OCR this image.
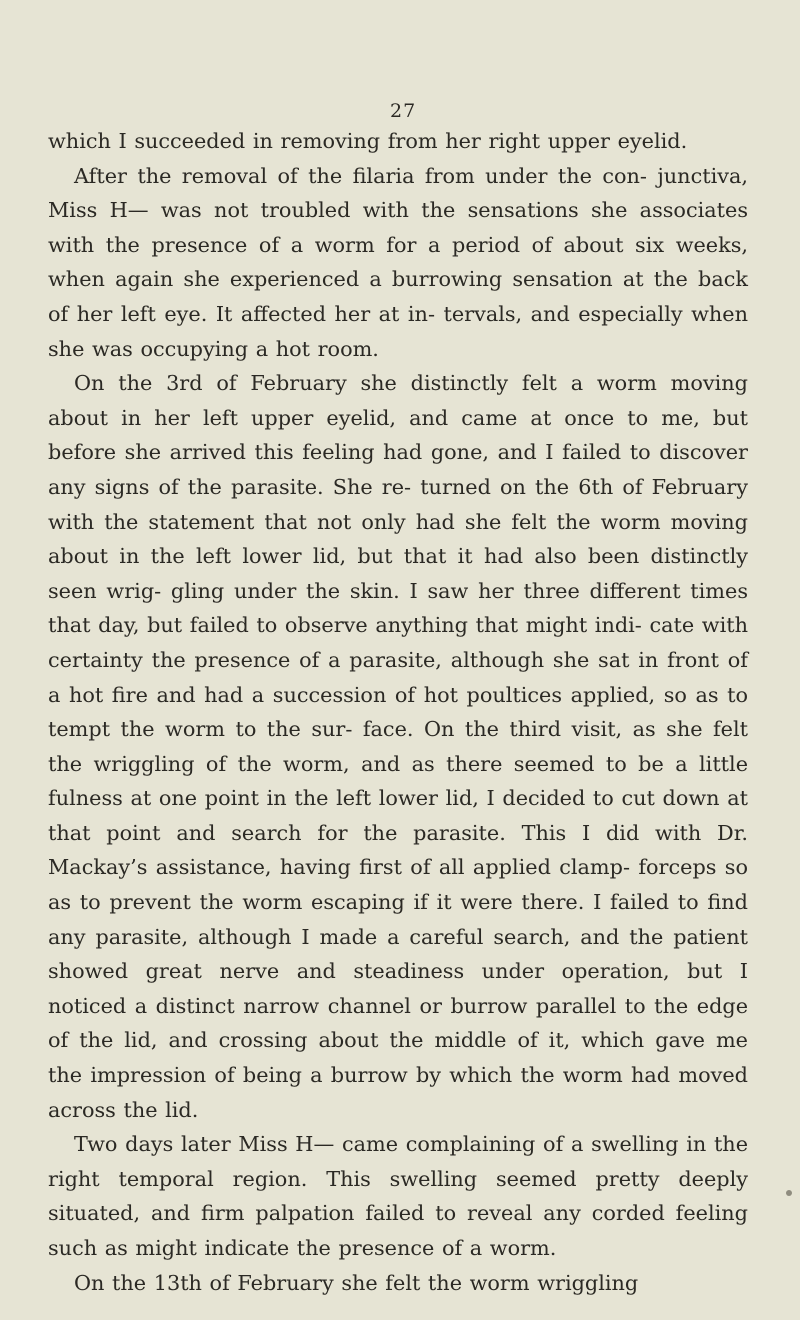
27

which I succeeded in removing from her right upper eyelid.

After the removal of the filaria from under the con- junctiva, Miss H— was not troubled with the sensations she associates with the presence of a worm for a period of about six weeks, when again she experienced a burrowing sensation at the back of her left eye. It affected her at in- tervals, and especially when she was occupying a hot room.

On the 3rd of February she distinctly felt a worm moving about in her left upper eyelid, and came at once to me, but before she arrived this feeling had gone, and I failed to discover any signs of the parasite. She re- turned on the 6th of February with the statement that not only had she felt the worm moving about in the left lower lid, but that it had also been distinctly seen wrig- gling under the skin. I saw her three different times that day, but failed to observe anything that might indi- cate with certainty the presence of a parasite, although she sat in front of a hot fire and had a succession of hot poultices applied, so as to tempt the worm to the sur- face. On the third visit, as she felt the wriggling of the worm, and as there seemed to be a little fulness at one point in the left lower lid, I decided to cut down at that point and search for the parasite. This I did with Dr. Mackay’s assistance, having first of all applied clamp- forceps so as to prevent the worm escaping if it were there. I failed to find any parasite, although I made a careful search, and the patient showed great nerve and steadiness under operation, but I noticed a distinct narrow channel or burrow parallel to the edge of the lid, and crossing about the middle of it, which gave me the impression of being a burrow by which the worm had moved across the lid.

Two days later Miss H— came complaining of a swelling in the right temporal region. This swelling seemed pretty deeply situated, and firm palpation failed to reveal any corded feeling such as might indicate the presence of a worm.

On the 13th of February she felt the worm wriggling
